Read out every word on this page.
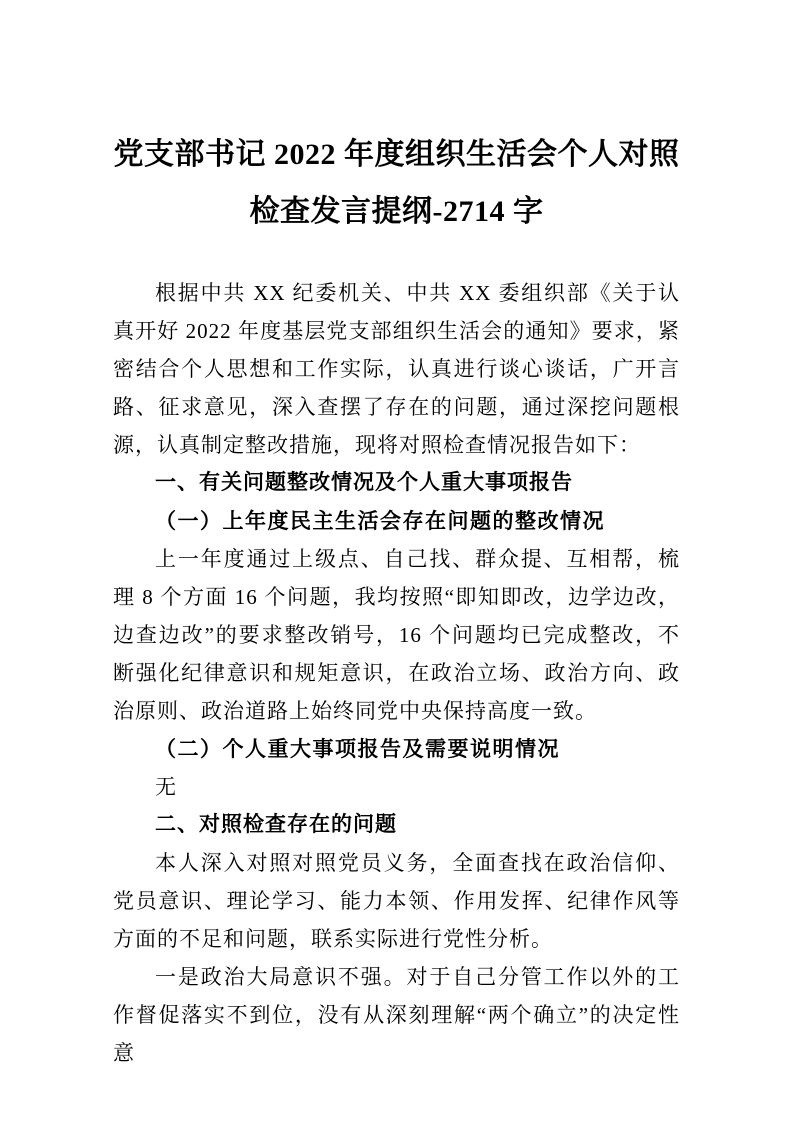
党支部书记 2022 年度组织生活会个人对照检查发言提纲-2714 字

根据中共 XX 纪委机关、中共 XX 委组织部《关于认真开好 2022 年度基层党支部组织生活会的通知》要求，紧密结合个人思想和工作实际，认真进行谈心谈话，广开言路、征求意见，深入查摆了存在的问题，通过深挖问题根源，认真制定整改措施，现将对照检查情况报告如下：

一、有关问题整改情况及个人重大事项报告
（一）上年度民主生活会存在问题的整改情况

上一年度通过上级点、自己找、群众提、互相帮，梳理 8 个方面 16 个问题，我均按照“即知即改，边学边改，边查边改”的要求整改销号，16 个问题均已完成整改，不断强化纪律意识和规矩意识，在政治立场、政治方向、政治原则、政治道路上始终同党中央保持高度一致。

（二）个人重大事项报告及需要说明情况

无

二、对照检查存在的问题

本人深入对照对照党员义务，全面查找在政治信仰、党员意识、理论学习、能力本领、作用发挥、纪律作风等方面的不足和问题，联系实际进行党性分析。

一是政治大局意识不强。对于自己分管工作以外的工作督促落实不到位，没有从深刻理解“两个确立”的决定性意
